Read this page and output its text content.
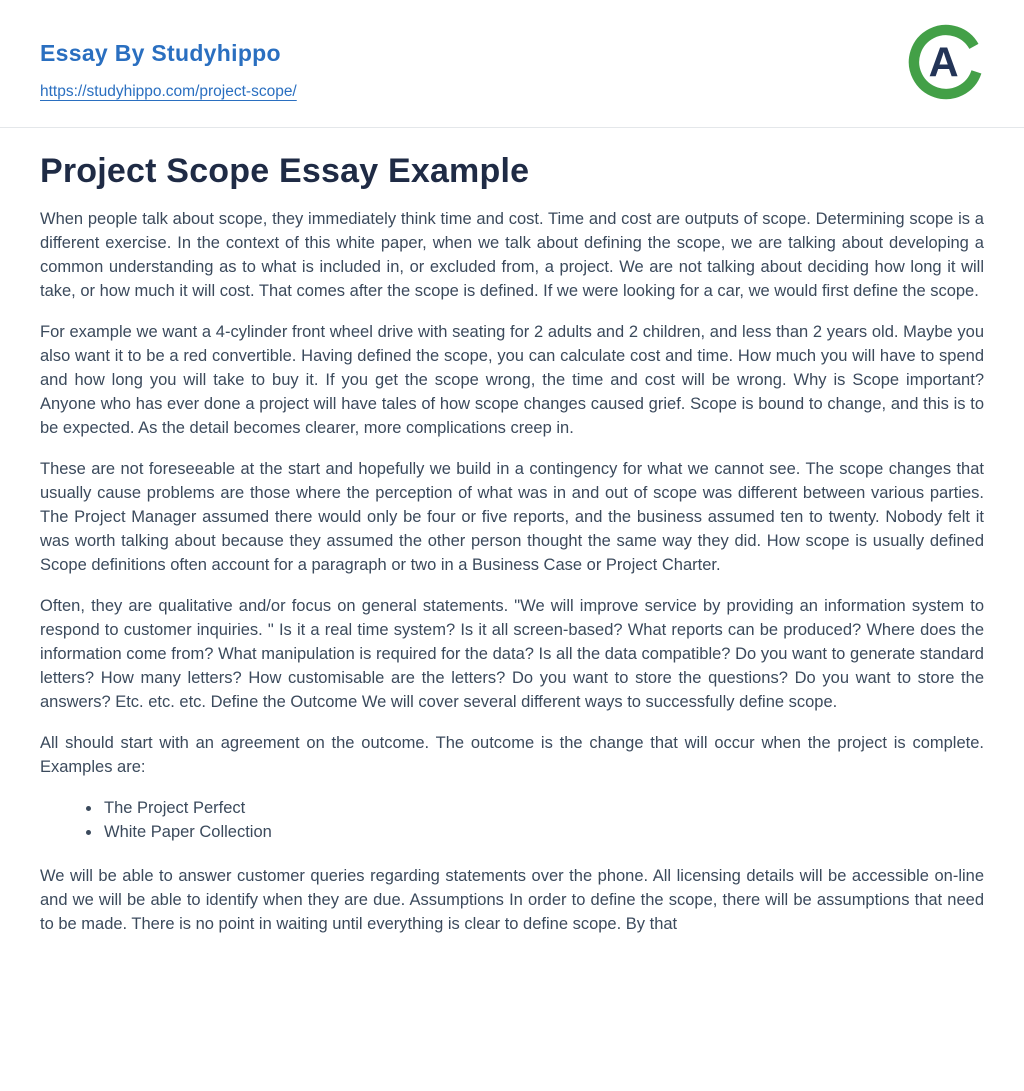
Essay By Studyhippo
https://studyhippo.com/project-scope/
A
Project Scope Essay Example

When people talk about scope, they immediately think time and cost. Time and cost are outputs of scope. Determining scope is a different exercise. In the context of this white paper, when we talk about defining the scope, we are talking about developing a common understanding as to what is included in, or excluded from, a project. We are not talking about deciding how long it will take, or how much it will cost. That comes after the scope is defined. If we were looking for a car, we would first define the scope.

For example we want a 4-cylinder front wheel drive with seating for 2 adults and 2 children, and less than 2 years old. Maybe you also want it to be a red convertible. Having defined the scope, you can calculate cost and time. How much you will have to spend and how long you will take to buy it. If you get the scope wrong, the time and cost will be wrong. Why is Scope important? Anyone who has ever done a project will have tales of how scope changes caused grief. Scope is bound to change, and this is to be expected. As the detail becomes clearer, more complications creep in.

These are not foreseeable at the start and hopefully we build in a contingency for what we cannot see. The scope changes that usually cause problems are those where the perception of what was in and out of scope was different between various parties. The Project Manager assumed there would only be four or five reports, and the business assumed ten to twenty. Nobody felt it was worth talking about because they assumed the other person thought the same way they did. How scope is usually defined Scope definitions often account for a paragraph or two in a Business Case or Project Charter.

Often, they are qualitative and/or focus on general statements. "We will improve service by providing an information system to respond to customer inquiries. " Is it a real time system? Is it all screen-based? What reports can be produced? Where does the information come from? What manipulation is required for the data? Is all the data compatible? Do you want to generate standard letters? How many letters? How customisable are the letters? Do you want to store the questions? Do you want to store the answers? Etc. etc. etc. Define the Outcome We will cover several different ways to successfully define scope.

All should start with an agreement on the outcome. The outcome is the change that will occur when the project is complete. Examples are:

• The Project Perfect
• White Paper Collection

We will be able to answer customer queries regarding statements over the phone. All licensing details will be accessible on-line and we will be able to identify when they are due. Assumptions In order to define the scope, there will be assumptions that need to be made. There is no point in waiting until everything is clear to define scope. By that
